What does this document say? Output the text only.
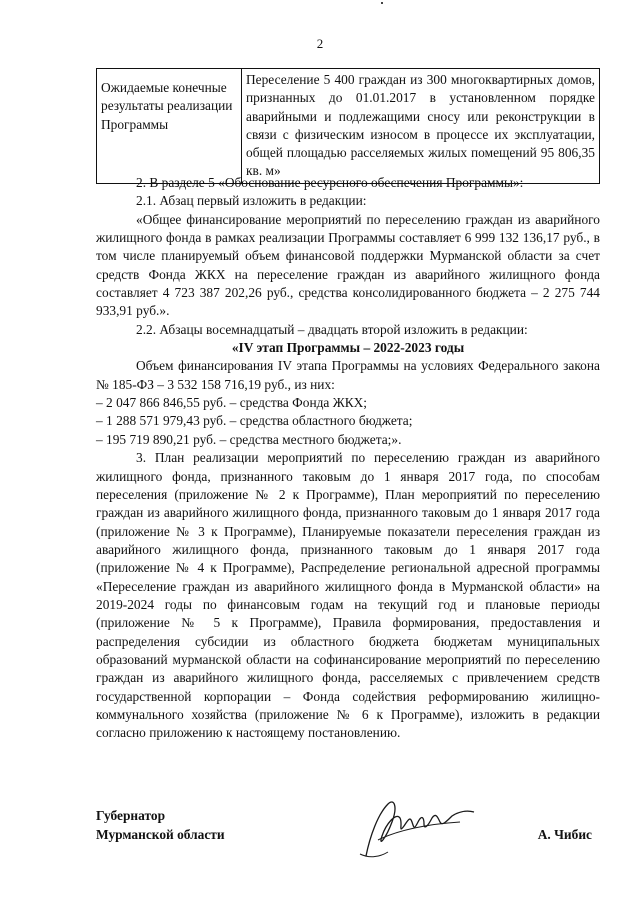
2
Ожидаемые конечные результаты реализации Программы	Переселение 5 400 граждан из 300 многоквартирных домов, признанных до 01.01.2017 в установленном порядке аварийными и подлежащими сносу или реконструкции в связи с физическим износом в процессе их эксплуатации, общей площадью расселяемых жилых помещений 95 806,35 кв. м»

2. В разделе 5 «Обоснование ресурсного обеспечения Программы»:

2.1. Абзац первый изложить в редакции:

«Общее финансирование мероприятий по переселению граждан из аварийного жилищного фонда в рамках реализации Программы составляет 6 999 132 136,17 руб., в том числе планируемый объем финансовой поддержки Мурманской области за счет средств Фонда ЖКХ на переселение граждан из аварийного жилищного фонда составляет 4 723 387 202,26 руб., средства консолидированного бюджета – 2 275 744 933,91 руб.».

2.2. Абзацы восемнадцатый – двадцать второй изложить в редакции:

«IV этап Программы – 2022-2023 годы

Объем финансирования IV этапа Программы на условиях Федерального закона № 185-ФЗ – 3 532 158 716,19 руб., из них:

– 2 047 866 846,55 руб. – средства Фонда ЖКХ;

– 1 288 571 979,43 руб. – средства областного бюджета;

– 195 719 890,21 руб. – средства местного бюджета;».

3. План реализации мероприятий по переселению граждан из аварийного жилищного фонда, признанного таковым до 1 января 2017 года, по способам переселения (приложение № 2 к Программе), План мероприятий по переселению граждан из аварийного жилищного фонда, признанного таковым до 1 января 2017 года (приложение № 3 к Программе), Планируемые показатели переселения граждан из аварийного жилищного фонда, признанного таковым до 1 января 2017 года (приложение № 4 к Программе), Распределение региональной адресной программы «Переселение граждан из аварийного жилищного фонда в Мурманской области» на 2019-2024 годы по финансовым годам на текущий год и плановые периоды (приложение № 5 к Программе), Правила формирования, предоставления и распределения субсидии из областного бюджета бюджетам муниципальных образований мурманской области на софинансирование мероприятий по переселению граждан из аварийного жилищного фонда, расселяемых с привлечением средств государственной корпорации – Фонда содействия реформированию жилищно-коммунального хозяйства (приложение № 6 к Программе), изложить в редакции согласно приложению к настоящему постановлению.

Губернатор
Мурманской области	А. Чибис
